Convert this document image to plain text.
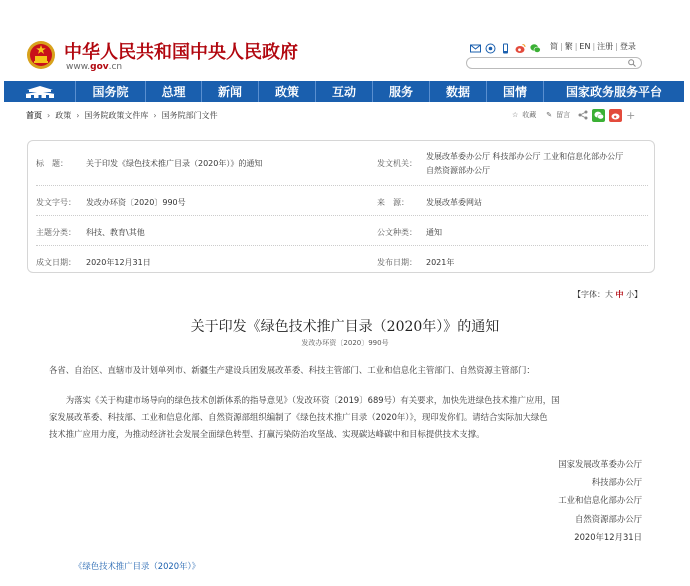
中华人民共和国中央人民政府
www.gov.cn
简 | 繁 | EN | 注册 | 登录
国务院	总理	新闻	政策	互动	服务	数据	国情	国家政务服务平台
首页 › 政策 › 国务院政策文件库 › 国务院部门文件	☆ 收藏 ✎ 留言	+
标　题： 关于印发《绿色技术推广目录（2020年）》的通知	发文机关：
发展改革委办公厅 科技部办公厅 工业和信息化部办公厅
自然资源部办公厅
发文字号： 发改办环资〔2020〕990号	来　源： 发展改革委网站
主题分类： 科技、教育\其他	公文种类： 通知
成文日期： 2020年12月31日	发布日期： 2021年
【字体：大 中 小】
关于印发《绿色技术推广目录（2020年）》的通知
发改办环资〔2020〕990号
各省、自治区、直辖市及计划单列市、新疆生产建设兵团发展改革委、科技主管部门、工业和信息化主管部门、自然资源主管部门：

　　为落实《关于构建市场导向的绿色技术创新体系的指导意见》（发改环资〔2019〕689号）有关要求，加快先进绿色技术推广应用，国

家发展改革委、科技部、工业和信息化部、自然资源部组织编制了《绿色技术推广目录（2020年）》，现印发你们。请结合实际加大绿色

技术推广应用力度，为推动经济社会发展全面绿色转型、打赢污染防治攻坚战、实现碳达峰碳中和目标提供技术支撑。

国家发展改革委办公厅
科技部办公厅
工业和信息化部办公厅
自然资源部办公厅
2020年12月31日
《绿色技术推广目录（2020年）》
